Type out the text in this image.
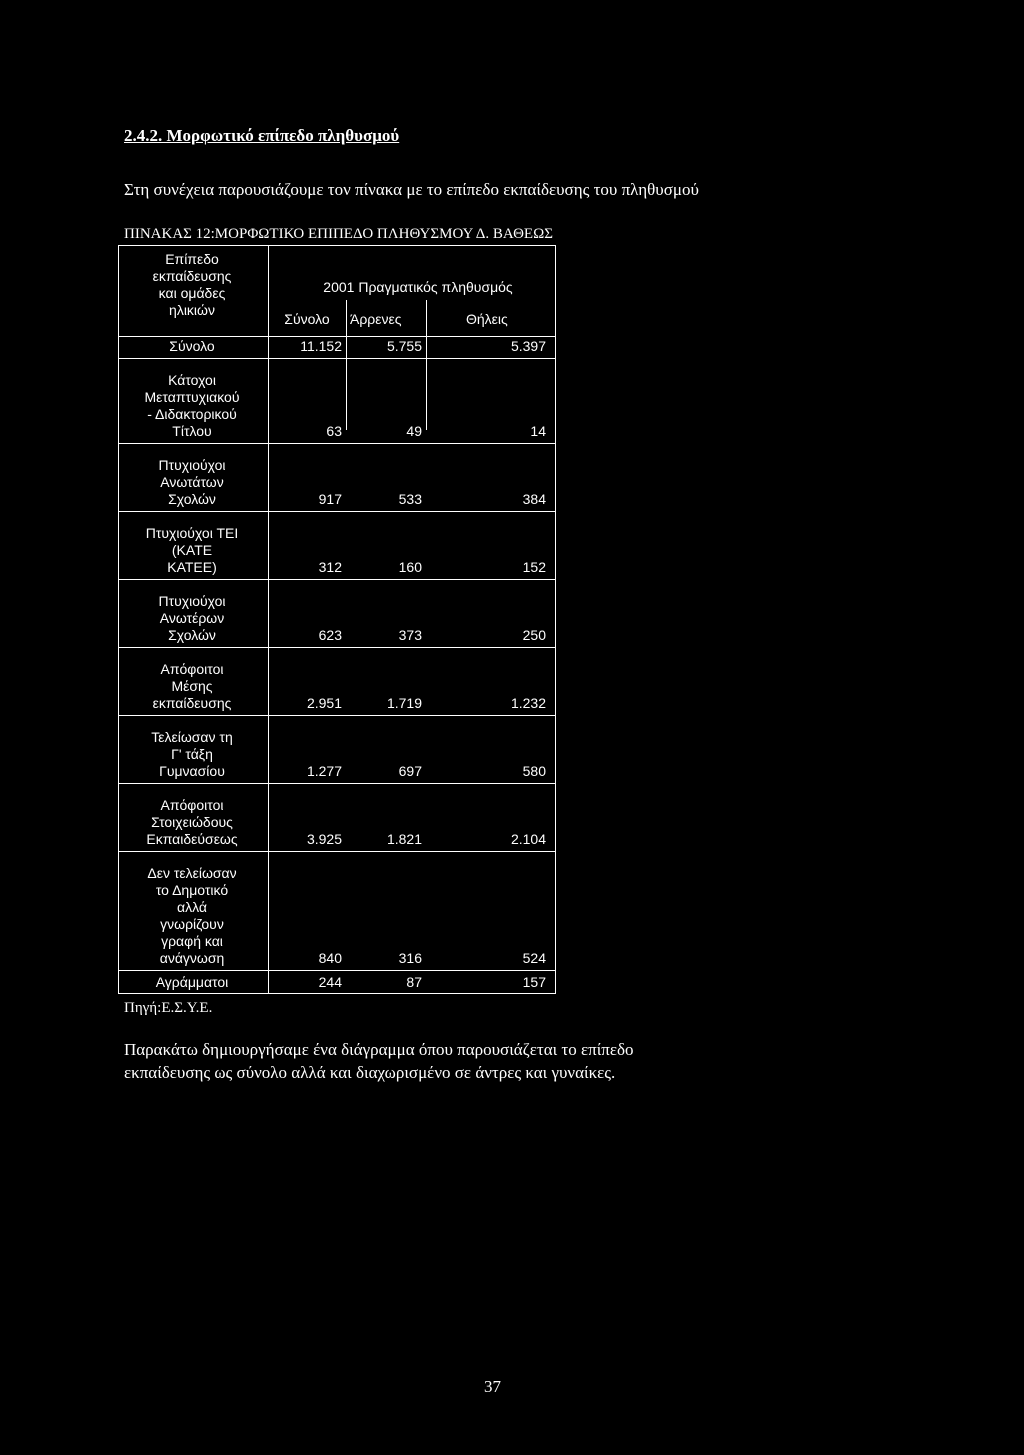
2.4.2. Μορφωτικό επίπεδο πληθυσμού
Στη συνέχεια παρουσιάζουμε τον πίνακα με το επίπεδο εκπαίδευσης του πληθυσμού
ΠΙΝΑΚΑΣ 12:ΜΟΡΦΩΤΙΚΟ ΕΠΙΠΕΔΟ ΠΛΗΘΥΣΜΟΥ Δ. ΒΑΘΕΩΣ
Επίπεδο
εκπαίδευσης
και ομάδες
ηλικιών
2001 Πραγματικός πληθυσμός
Σύνολο	Άρρενες	Θήλεις
Σύνολο	11.152	5.755	5.397
Κάτοχοι
Μεταπτυχιακού
- Διδακτορικού
Τίτλου	63	49	14
Πτυχιούχοι
Ανωτάτων
Σχολών	917	533	384
Πτυχιούχοι ΤΕΙ
(ΚΑΤΕ
ΚΑΤΕΕ)	312	160	152
Πτυχιούχοι
Ανωτέρων
Σχολών	623	373	250
Απόφοιτοι
Μέσης
εκπαίδευσης	2.951	1.719	1.232
Τελείωσαν τη
Γ' τάξη
Γυμνασίου	1.277	697	580
Απόφοιτοι
Στοιχειώδους
Εκπαιδεύσεως	3.925	1.821	2.104
Δεν τελείωσαν
το Δημοτικό
αλλά
γνωρίζουν
γραφή και
ανάγνωση	840	316	524
Αγράμματοι	244	87	157
Πηγή:Ε.Σ.Υ.Ε.
Παρακάτω δημιουργήσαμε ένα διάγραμμα όπου παρουσιάζεται το επίπεδο
εκπαίδευσης ως σύνολο αλλά και διαχωρισμένο σε άντρες και γυναίκες.
37
